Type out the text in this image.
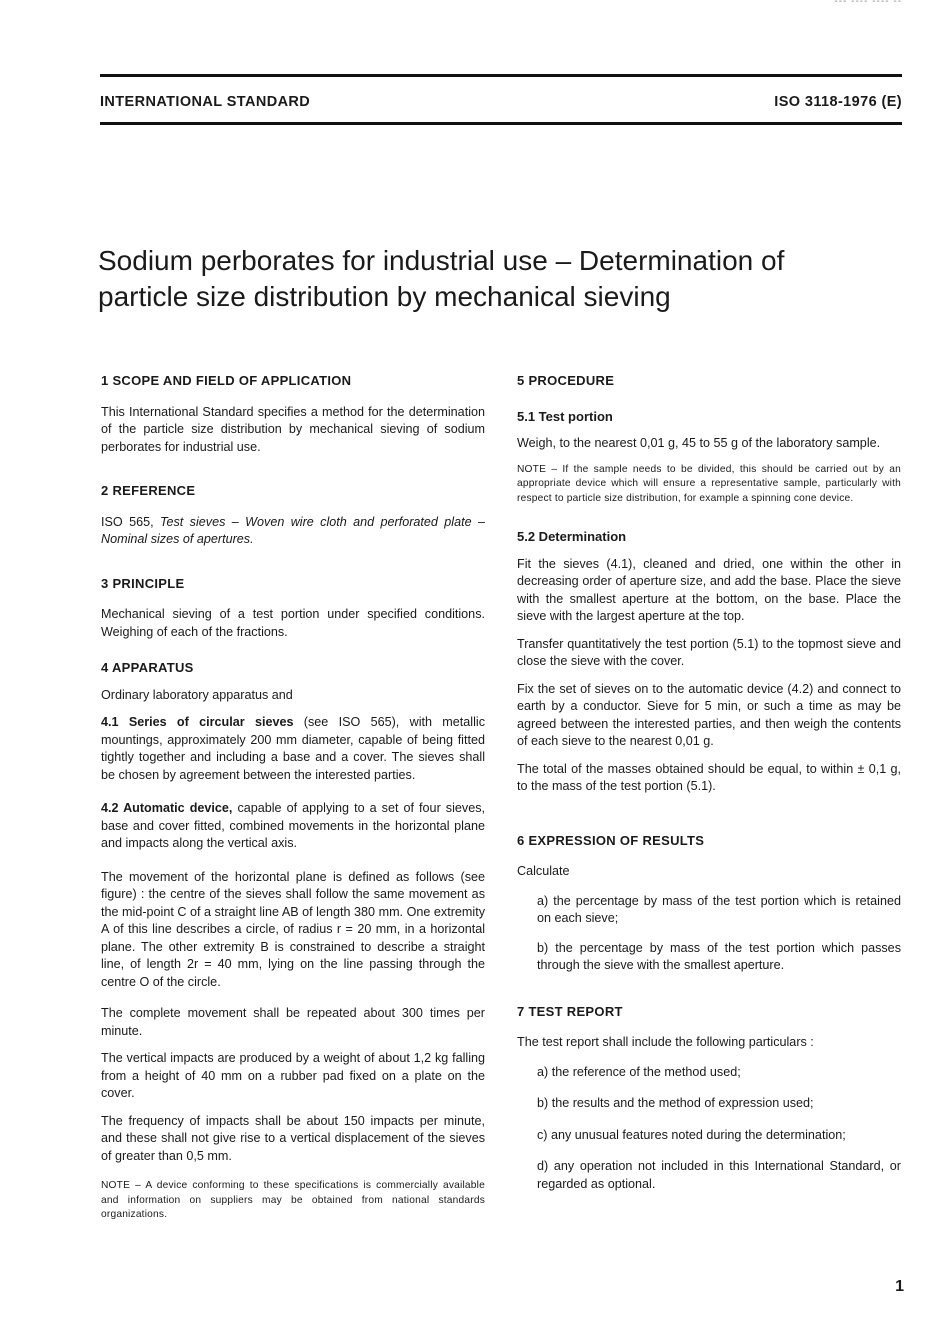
--- ---- ---- --
INTERNATIONAL STANDARD	ISO 3118-1976 (E)
Sodium perborates for industrial use – Determination of
particle size distribution by mechanical sieving
1 SCOPE AND FIELD OF APPLICATION

This International Standard specifies a method for the determination of the particle size distribution by mechanical sieving of sodium perborates for industrial use.

2 REFERENCE

ISO 565, Test sieves – Woven wire cloth and perforated plate – Nominal sizes of apertures.

3 PRINCIPLE

Mechanical sieving of a test portion under specified conditions. Weighing of each of the fractions.

4 APPARATUS

Ordinary laboratory apparatus and

4.1 Series of circular sieves (see ISO 565), with metallic mountings, approximately 200 mm diameter, capable of being fitted tightly together and including a base and a cover. The sieves shall be chosen by agreement between the interested parties.

4.2 Automatic device, capable of applying to a set of four sieves, base and cover fitted, combined movements in the horizontal plane and impacts along the vertical axis.

The movement of the horizontal plane is defined as follows (see figure) : the centre of the sieves shall follow the same movement as the mid-point C of a straight line AB of length 380 mm. One extremity A of this line describes a circle, of radius r = 20 mm, in a horizontal plane. The other extremity B is constrained to describe a straight line, of length 2r = 40 mm, lying on the line passing through the centre O of the circle.

The complete movement shall be repeated about 300 times per minute.

The vertical impacts are produced by a weight of about 1,2 kg falling from a height of 40 mm on a rubber pad fixed on a plate on the cover.

The frequency of impacts shall be about 150 impacts per minute, and these shall not give rise to a vertical displacement of the sieves of greater than 0,5 mm.

NOTE – A device conforming to these specifications is commercially available and information on suppliers may be obtained from national standards organizations.

5 PROCEDURE
5.1 Test portion

Weigh, to the nearest 0,01 g, 45 to 55 g of the laboratory sample.

NOTE – If the sample needs to be divided, this should be carried out by an appropriate device which will ensure a representative sample, particularly with respect to particle size distribution, for example a spinning cone device.

5.2 Determination

Fit the sieves (4.1), cleaned and dried, one within the other in decreasing order of aperture size, and add the base. Place the sieve with the smallest aperture at the bottom, on the base. Place the sieve with the largest aperture at the top.

Transfer quantitatively the test portion (5.1) to the topmost sieve and close the sieve with the cover.

Fix the set of sieves on to the automatic device (4.2) and connect to earth by a conductor. Sieve for 5 min, or such a time as may be agreed between the interested parties, and then weigh the contents of each sieve to the nearest 0,01 g.

The total of the masses obtained should be equal, to within ± 0,1 g, to the mass of the test portion (5.1).

6 EXPRESSION OF RESULTS

Calculate

a) the percentage by mass of the test portion which is retained on each sieve;

b) the percentage by mass of the test portion which passes through the sieve with the smallest aperture.

7 TEST REPORT

The test report shall include the following particulars :

a) the reference of the method used;

b) the results and the method of expression used;

c) any unusual features noted during the determination;

d) any operation not included in this International Standard, or regarded as optional.

1
